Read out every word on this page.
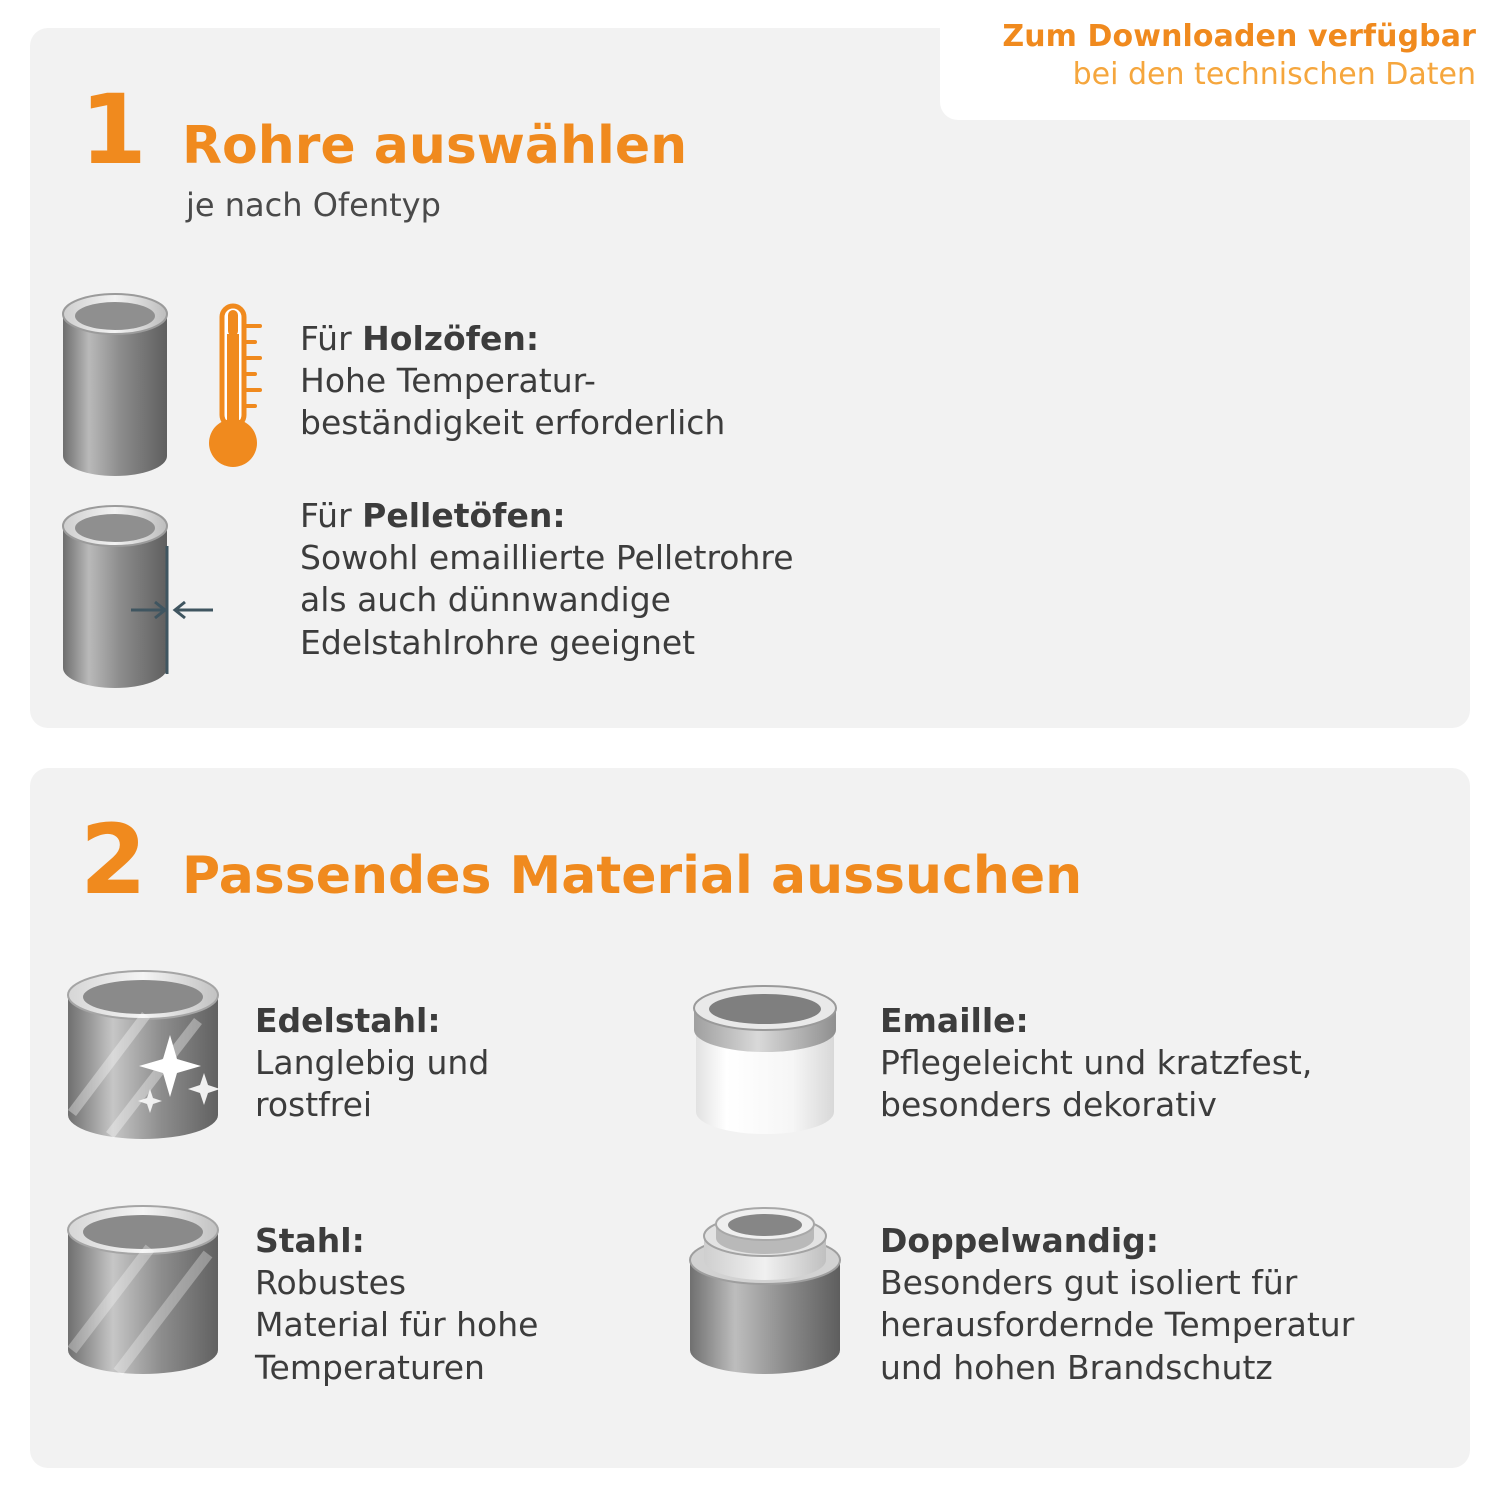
Zum Downloaden verfügbar
bei den technischen Daten
1 Rohre auswählen
je nach Ofentyp
Für Holzöfen:
Hohe Temperatur-
beständigkeit erforderlich
Für Pelletöfen:
Sowohl emaillierte Pelletrohre
als auch dünnwandige
Edelstahlrohre geeignet
2 Passendes Material aussuchen
Edelstahl:
Langlebig und
rostfrei
Emaille:
Pflegeleicht und kratzfest,
besonders dekorativ
Stahl:
Robustes
Material für hohe
Temperaturen
Doppelwandig:
Besonders gut isoliert für
herausfordernde Temperatur
und hohen Brandschutz
